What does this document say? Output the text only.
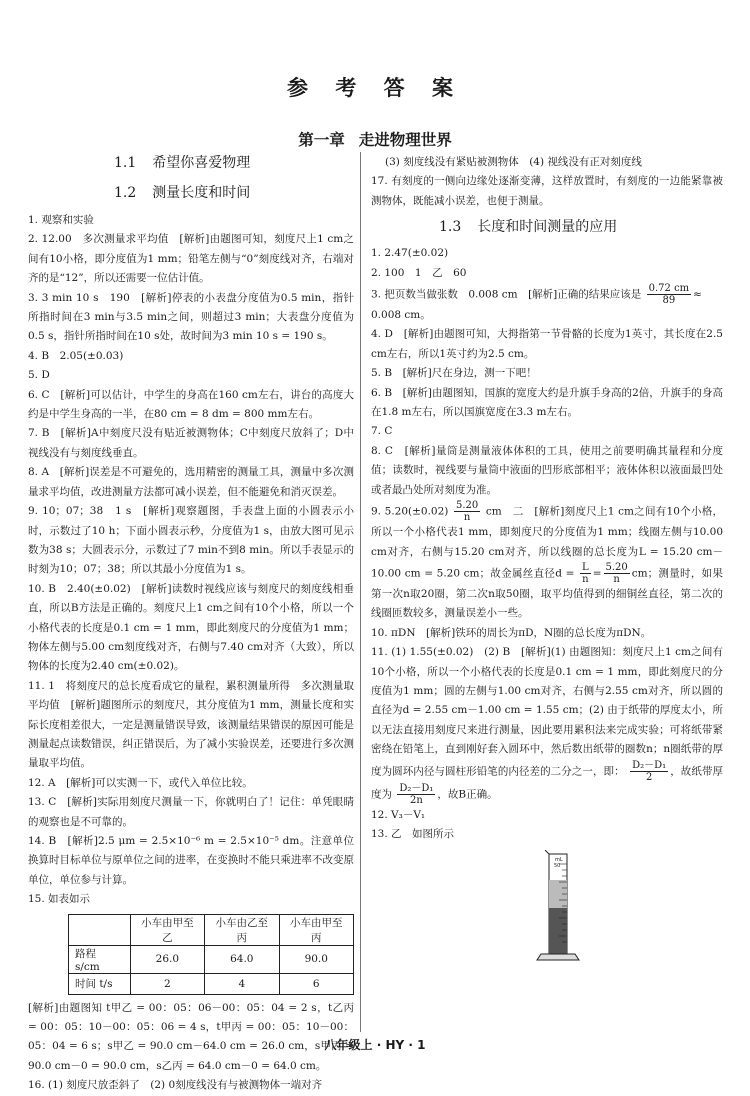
参 考 答 案
第一章 走进物理世界

1.1 希望你喜爱物理

1.2 测量长度和时间

1. 观察和实验

2. 12.00　多次测量求平均值　[解析]由题图可知，刻度尺上1 cm之间有10小格，即分度值为1 mm；铅笔左侧与“0”刻度线对齐，右端对齐的是“12”，所以还需要一位估计值。

3. 3 min 10 s　190　[解析]停表的小表盘分度值为0.5 min，指针所指时间在3 min与3.5 min之间，则超过3 min；大表盘分度值为0.5 s，指针所指时间在10 s处，故时间为3 min 10 s = 190 s。

4. B　2.05(±0.03)

5. D

6. C　[解析]可以估计，中学生的身高在160 cm左右，讲台的高度大约是中学生身高的一半，在80 cm = 8 dm = 800 mm左右。

7. B　[解析]A中刻度尺没有贴近被测物体；C中刻度尺放斜了；D中视线没有与刻度线垂直。

8. A　[解析]误差是不可避免的，选用精密的测量工具，测量中多次测量求平均值，改进测量方法都可减小误差，但不能避免和消灭误差。

9. 10；07；38　1 s　[解析]观察题图，手表盘上面的小圆表示小时，示数过了10 h；下面小圆表示秒，分度值为1 s，由放大图可见示数为38 s；大圆表示分，示数过了7 min不到8 min。所以手表显示的时刻为10；07；38；所以其最小分度值为1 s。

10. B　2.40(±0.02)　[解析]读数时视线应该与刻度尺的刻度线相垂直，所以B方法是正确的。刻度尺上1 cm之间有10个小格，所以一个小格代表的长度是0.1 cm = 1 mm，即此刻度尺的分度值为1 mm；物体左侧与5.00 cm刻度线对齐，右侧与7.40 cm对齐（大致），所以物体的长度为2.40 cm(±0.02)。

11. 1　将刻度尺的总长度看成它的量程，累积测量所得　多次测量取平均值　[解析]题图所示的刻度尺，其分度值为1 mm，测量长度和实际长度相差很大，一定是测量错误导致，该测量结果错误的原因可能是测量起点读数错误，纠正错误后，为了减小实验误差，还要进行多次测量取平均值。

12. A　[解析]可以实测一下，或代入单位比较。

13. C　[解析]实际用刻度尺测量一下，你就明白了！记住：单凭眼睛的观察也是不可靠的。

14. B　[解析]2.5 μm = 2.5×10⁻⁶ m = 2.5×10⁻⁵ dm。注意单位换算时目标单位与原单位之间的进率，在变换时不能只乘进率不改变原单位，单位参与计算。

15. 如表如示

	小车由甲至乙	小车由乙至丙	小车由甲至丙
路程 s/cm	26.0	64.0	90.0
时间 t/s	2	4	6

[解析]由题图知 t甲乙 = 00：05：06－00：05：04 = 2 s，t乙丙 = 00：05：10－00：05：06 = 4 s，t甲丙 = 00：05：10－00：05：04 = 6 s；s甲乙 = 90.0 cm－64.0 cm = 26.0 cm，s甲丙 = 90.0 cm－0 = 90.0 cm，s乙丙 = 64.0 cm－0 = 64.0 cm。

16. (1) 刻度尺放歪斜了　(2) 0刻度线没有与被测物体一端对齐

(3) 刻度线没有紧贴被测物体　(4) 视线没有正对刻度线

17. 有刻度的一侧向边缘处逐渐变薄，这样放置时，有刻度的一边能紧靠被测物体，既能减小误差，也便于测量。

1.3 长度和时间测量的应用

1. 2.47(±0.02)

2. 100　1　乙　60

3. 把页数当做张数　0.008 cm　[解析]正确的结果应该是 $\frac{0.72 cm}{89}$ ≈

0.008 cm。

4. D　[解析]由题图可知，大拇指第一节骨骼的长度为1英寸，其长度在2.5 cm左右，所以1英寸约为2.5 cm。

5. B　[解析]尺在身边，测一下吧！

6. B　[解析]由题图知，国旗的宽度大约是升旗手身高的2倍，升旗手的身高在1.8 m左右，所以国旗宽度在3.3 m左右。

7. C

8. C　[解析]量筒是测量液体体积的工具，使用之前要明确其量程和分度值；读数时，视线要与量筒中液面的凹形底部相平；液体体积以液面最凹处或者最凸处所对刻度为准。

9. $5.20(\pm 0.02) \frac{5.20}{n}$ cm　二　[解析]刻度尺上1 cm之间有10个小格，所以一个小格代表1 mm，即刻度尺的分度值为1 mm；线圈左侧与10.00 cm对齐，右侧与15.20 cm对齐，所以线圈的总长度为L = 15.20 cm－10.00 cm = 5.20 cm；故金属丝直径$d = \frac{L}{n} = \frac{5.20}{n}$ cm；测量时，如果第一次n取20圈，第二次n取50圈，取平均值得到的细铜丝直径，第二次的线圈匝数较多，测量误差小一些。

10. πDN　[解析]铁环的周长为πD，N圈的总长度为πDN。

11. (1) 1.55(±0.02)　(2) B　[解析](1) 由题图知：刻度尺上1 cm之间有10个小格，所以一个小格代表的长度是0.1 cm = 1 mm，即此刻度尺的分度值为1 mm；圆的左侧与1.00 cm对齐，右侧与2.55 cm对齐，所以圆的直径为d = 2.55 cm－1.00 cm = 1.55 cm；(2) 由于纸带的厚度太小，所以无法直接用刻度尺来进行测量，因此要用累积法来完成实验；可将纸带紧密绕在铅笔上，直到刚好套入圆环中，然后数出纸带的圈数n；n圈纸带的厚度为圆环内径与圆柱形铅笔的内径差的二分之一，即： $\frac{\text{D₂－D₁}}{2}$ ，故纸带厚度为 $\frac{\text{D₂－D₁}}{2n}$ ，故B正确。

12. V₃－V₁

13. 乙　如图所示

mL
50
八年级上 · HY · 1
